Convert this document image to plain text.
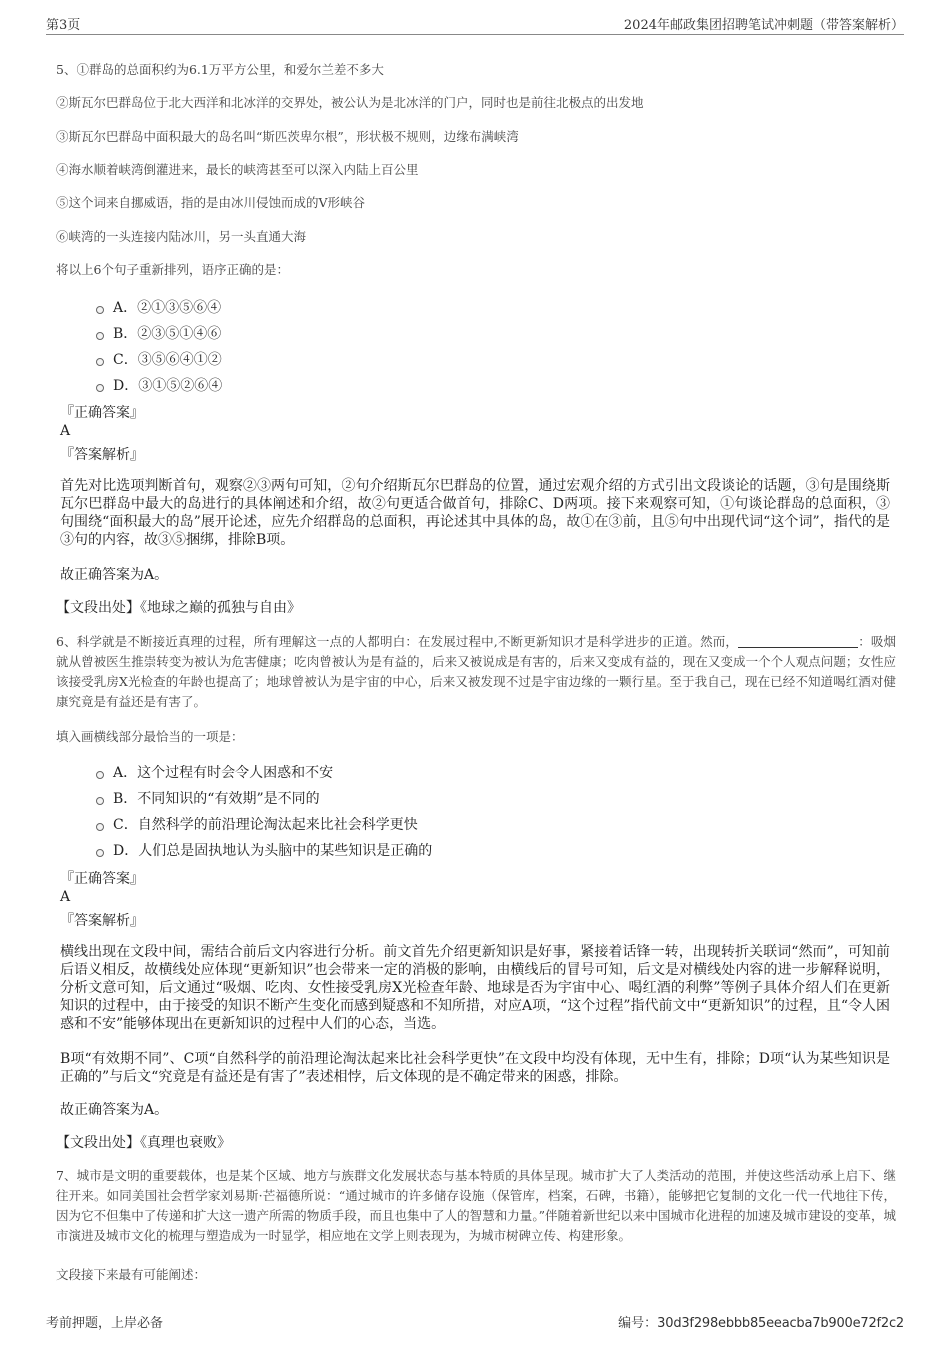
第3页	2024年邮政集团招聘笔试冲刺题（带答案解析）
5、①群岛的总面积约为6.1万平方公里，和爱尔兰差不多大
②斯瓦尔巴群岛位于北大西洋和北冰洋的交界处，被公认为是北冰洋的门户，同时也是前往北极点的出发地
③斯瓦尔巴群岛中面积最大的岛名叫“斯匹茨卑尔根”，形状极不规则，边缘布满峡湾
④海水顺着峡湾倒灌进来，最长的峡湾甚至可以深入内陆上百公里
⑤这个词来自挪威语，指的是由冰川侵蚀而成的V形峡谷
⑥峡湾的一头连接内陆冰川，另一头直通大海
将以上6个句子重新排列，语序正确的是：
A．②①③⑤⑥④
B．②③⑤①④⑥
C．③⑤⑥④①②
D．③①⑤②⑥④
『正确答案』
A
『答案解析』
首先对比选项判断首句，观察②③两句可知，②句介绍斯瓦尔巴群岛的位置，通过宏观介绍的方式引出文段谈论的话题，③句是围绕斯瓦尔巴群岛中最大的岛进行的具体阐述和介绍，故②句更适合做首句，排除C、D两项。接下来观察可知，①句谈论群岛的总面积，③句围绕“面积最大的岛”展开论述，应先介绍群岛的总面积，再论述其中具体的岛，故①在③前，且⑤句中出现代词“这个词”，指代的是③句的内容，故③⑤捆绑，排除B项。
故正确答案为A。
【文段出处】《地球之巅的孤独与自由》
6、科学就是不断接近真理的过程，所有理解这一点的人都明白：在发展过程中,不断更新知识才是科学进步的正道。然而，	：吸烟就从曾被医生推崇转变为被认为危害健康；吃肉曾被认为是有益的，后来又被说成是有害的，后来又变成有益的，现在又变成一个个人观点问题；女性应该接受乳房X光检查的年龄也提高了；地球曾被认为是宇宙的中心，后来又被发现不过是宇宙边缘的一颗行星。至于我自己，现在已经不知道喝红酒对健康究竟是有益还是有害了。
填入画横线部分最恰当的一项是：
A．这个过程有时会令人困惑和不安
B．不同知识的“有效期”是不同的
C．自然科学的前沿理论淘汰起来比社会科学更快
D．人们总是固执地认为头脑中的某些知识是正确的
『正确答案』
A
『答案解析』
横线出现在文段中间，需结合前后文内容进行分析。前文首先介绍更新知识是好事，紧接着话锋一转，出现转折关联词“然而”，可知前后语义相反，故横线处应体现“更新知识”也会带来一定的消极的影响，由横线后的冒号可知，后文是对横线处内容的进一步解释说明，分析文意可知，后文通过“吸烟、吃肉、女性接受乳房X光检查年龄、地球是否为宇宙中心、喝红酒的利弊”等例子具体介绍人们在更新知识的过程中，由于接受的知识不断产生变化而感到疑惑和不知所措，对应A项，“这个过程”指代前文中“更新知识”的过程，且“令人困惑和不安”能够体现出在更新知识的过程中人们的心态，当选。
B项“有效期不同”、C项“自然科学的前沿理论淘汰起来比社会科学更快”在文段中均没有体现，无中生有，排除；D项“认为某些知识是正确的”与后文“究竟是有益还是有害了”表述相悖，后文体现的是不确定带来的困惑，排除。
故正确答案为A。
【文段出处】《真理也衰败》
7、城市是文明的重要载体，也是某个区域、地方与族群文化发展状态与基本特质的具体呈现。城市扩大了人类活动的范围，并使这些活动承上启下、继往开来。如同美国社会哲学家刘易斯·芒福德所说：“通过城市的许多储存设施（保管库，档案，石碑，书籍），能够把它复制的文化一代一代地往下传，因为它不但集中了传递和扩大这一遗产所需的物质手段，而且也集中了人的智慧和力量。”伴随着新世纪以来中国城市化进程的加速及城市建设的变革，城市演进及城市文化的梳理与塑造成为一时显学，相应地在文学上则表现为，为城市树碑立传、构建形象。
文段接下来最有可能阐述：
考前押题，上岸必备	编号：30d3f298ebbb85eeacba7b900e72f2c2
